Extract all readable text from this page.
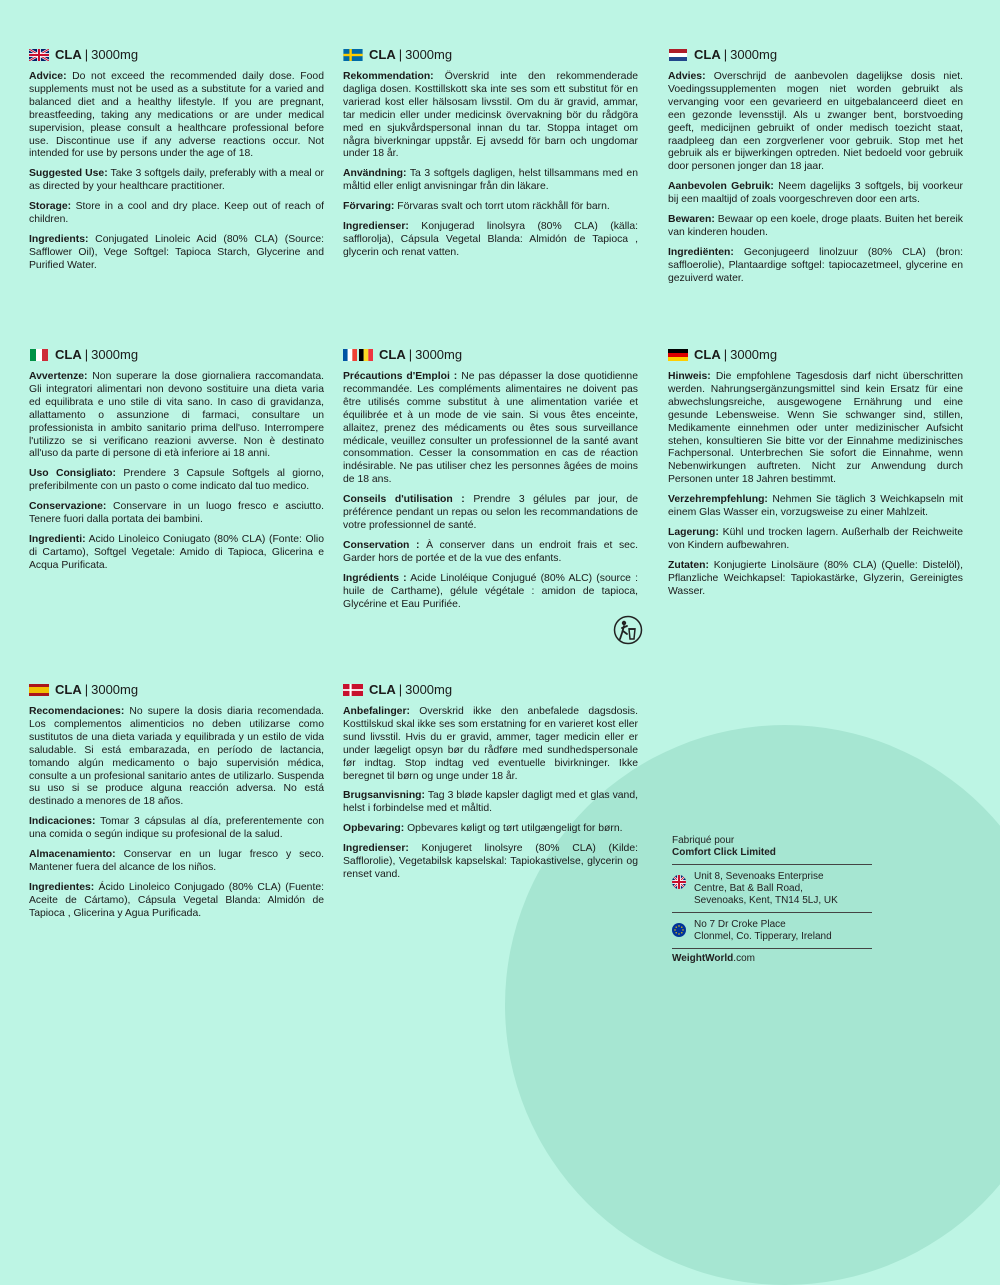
CLA | 3000mg

Advice: Do not exceed the recommended daily dose. Food supplements must not be used as a substitute for a varied and balanced diet and a healthy lifestyle. If you are pregnant, breastfeeding, taking any medications or are under medical supervision, please consult a healthcare professional before use. Discontinue use if any adverse reactions occur. Not intended for use by persons under the age of 18.

Suggested Use: Take 3 softgels daily, preferably with a meal or as directed by your healthcare practitioner.

Storage: Store in a cool and dry place. Keep out of reach of children.

Ingredients: Conjugated Linoleic Acid (80% CLA) (Source: Safflower Oil), Vege Softgel: Tapioca Starch, Glycerine and Purified Water.

CLA | 3000mg

Rekommendation: Överskrid inte den rekommenderade dagliga dosen. Kosttillskott ska inte ses som ett substitut för en varierad kost eller hälsosam livsstil. Om du är gravid, ammar, tar medicin eller under medicinsk övervakning bör du rådgöra med en sjukvårdspersonal innan du tar. Stoppa intaget om några biverkningar uppstår. Ej avsedd för barn och ungdomar under 18 år.

Användning: Ta 3 softgels dagligen, helst tillsammans med en måltid eller enligt anvisningar från din läkare.

Förvaring: Förvaras svalt och torrt utom räckhåll för barn.

Ingredienser: Konjugerad linolsyra (80% CLA) (källa: safflorolja), Cápsula Vegetal Blanda: Almidón de Tapioca , glycerin och renat vatten.

CLA | 3000mg

Advies: Overschrijd de aanbevolen dagelijkse dosis niet. Voedingssupplementen mogen niet worden gebruikt als vervanging voor een gevarieerd en uitgebalanceerd dieet en een gezonde levensstijl. Als u zwanger bent, borstvoeding geeft, medicijnen gebruikt of onder medisch toezicht staat, raadpleeg dan een zorgverlener voor gebruik. Stop met het gebruik als er bijwerkingen optreden. Niet bedoeld voor gebruik door personen jonger dan 18 jaar.

Aanbevolen Gebruik: Neem dagelijks 3 softgels, bij voorkeur bij een maaltijd of zoals voorgeschreven door een arts.

Bewaren: Bewaar op een koele, droge plaats. Buiten het bereik van kinderen houden.

Ingrediënten: Geconjugeerd linolzuur (80% CLA) (bron: saffloerolie), Plantaardige softgel: tapiocazetmeel, glycerine en gezuiverd water.

CLA | 3000mg

Avvertenze: Non superare la dose giornaliera raccomandata. Gli integratori alimentari non devono sostituire una dieta varia ed equilibrata e uno stile di vita sano. In caso di gravidanza, allattamento o assunzione di farmaci, consultare un professionista in ambito sanitario prima dell'uso. Interrompere l'utilizzo se si verificano reazioni avverse. Non è destinato all'uso da parte di persone di età inferiore ai 18 anni.

Uso Consigliato: Prendere 3 Capsule Softgels al giorno, preferibilmente con un pasto o come indicato dal tuo medico.

Conservazione: Conservare in un luogo fresco e asciutto. Tenere fuori dalla portata dei bambini.

Ingredienti: Acido Linoleico Coniugato (80% CLA) (Fonte: Olio di Cartamo), Softgel Vegetale: Amido di Tapioca, Glicerina e Acqua Purificata.

CLA | 3000mg

Précautions d'Emploi : Ne pas dépasser la dose quotidienne recommandée. Les compléments alimentaires ne doivent pas être utilisés comme substitut à une alimentation variée et équilibrée et à un mode de vie sain. Si vous êtes enceinte, allaitez, prenez des médicaments ou êtes sous surveillance médicale, veuillez consulter un professionnel de la santé avant consommation. Cesser la consommation en cas de réaction indésirable. Ne pas utiliser chez les personnes âgées de moins de 18 ans.

Conseils d'utilisation : Prendre 3 gélules par jour, de préférence pendant un repas ou selon les recommandations de votre professionnel de santé.

Conservation : À conserver dans un endroit frais et sec. Garder hors de portée et de la vue des enfants.

Ingrédients : Acide Linoléique Conjugué (80% ALC) (source : huile de Carthame), gélule végétale : amidon de tapioca, Glycérine et Eau Purifiée.

CLA | 3000mg

Hinweis: Die empfohlene Tagesdosis darf nicht überschritten werden. Nahrungsergänzungsmittel sind kein Ersatz für eine abwechslungsreiche, ausgewogene Ernährung und eine gesunde Lebensweise. Wenn Sie schwanger sind, stillen, Medikamente einnehmen oder unter medizinischer Aufsicht stehen, konsultieren Sie bitte vor der Einnahme medizinisches Fachpersonal. Unterbrechen Sie sofort die Einnahme, wenn Nebenwirkungen auftreten. Nicht zur Anwendung durch Personen unter 18 Jahren bestimmt.

Verzehrempfehlung: Nehmen Sie täglich 3 Weichkapseln mit einem Glas Wasser ein, vorzugsweise zu einer Mahlzeit.

Lagerung: Kühl und trocken lagern. Außerhalb der Reichweite von Kindern aufbewahren.

Zutaten: Konjugierte Linolsäure (80% CLA) (Quelle: Distelöl), Pflanzliche Weichkapsel: Tapiokastärke, Glyzerin, Gereinigtes Wasser.

CLA | 3000mg

Recomendaciones: No supere la dosis diaria recomendada. Los complementos alimenticios no deben utilizarse como sustitutos de una dieta variada y equilibrada y un estilo de vida saludable. Si está embarazada, en período de lactancia, tomando algún medicamento o bajo supervisión médica, consulte a un profesional sanitario antes de utilizarlo. Suspenda su uso si se produce alguna reacción adversa. No está destinado a menores de 18 años.

Indicaciones: Tomar 3 cápsulas al día, preferentemente con una comida o según indique su profesional de la salud.

Almacenamiento: Conservar en un lugar fresco y seco. Mantener fuera del alcance de los niños.

Ingredientes: Ácido Linoleico Conjugado (80% CLA) (Fuente: Aceite de Cártamo), Cápsula Vegetal Blanda: Almidón de Tapioca , Glicerina y Agua Purificada.

CLA | 3000mg

Anbefalinger: Overskrid ikke den anbefalede dagsdosis. Kosttilskud skal ikke ses som erstatning for en varieret kost eller sund livsstil. Hvis du er gravid, ammer, tager medicin eller er under lægeligt opsyn bør du rådføre med sundhedspersonale før indtag. Stop indtag ved eventuelle bivirkninger. Ikke beregnet til børn og unge under 18 år.

Brugsanvisning: Tag 3 bløde kapsler dagligt med et glas vand, helst i forbindelse med et måltid.

Opbevaring: Opbevares køligt og tørt utilgængeligt for børn.

Ingredienser: Konjugeret linolsyre (80% CLA) (Kilde: Safflorolie), Vegetabilsk kapselskal: Tapiokastivelse, glycerin og renset vand.

Fabriqué pour
Comfort Click Limited
Unit 8, Sevenoaks Enterprise
Centre, Bat & Ball Road,
Sevenoaks, Kent, TN14 5LJ, UK
No 7 Dr Croke Place
Clonmel, Co. Tipperary, Ireland
WeightWorld.com
